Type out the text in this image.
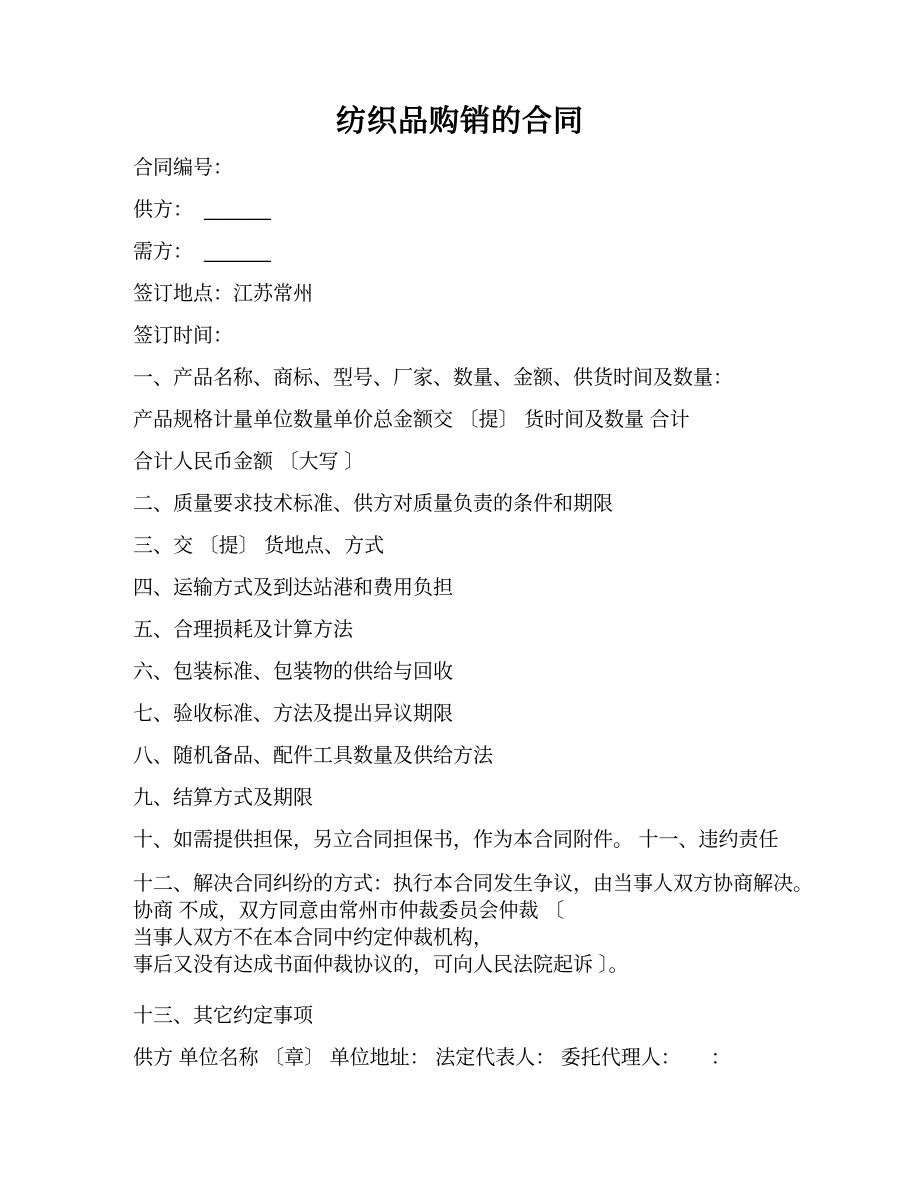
纺织品购销的合同

合同编号：

供方：  ______

需方：  ______

签订地点：江苏常州

签订时间：

一、产品名称、商标、型号、厂家、数量、金额、供货时间及数量：

产品规格计量单位数量单价总金额交 〔提〕 货时间及数量 合计

合计人民币金额 〔大写 〕

二、质量要求技术标准、供方对质量负责的条件和期限

三、交 〔提〕 货地点、方式

四、运输方式及到达站港和费用负担

五、合理损耗及计算方法

六、包装标准、包装物的供给与回收

七、验收标准、方法及提出异议期限

八、随机备品、配件工具数量及供给方法

九、结算方式及期限

十、如需提供担保，另立合同担保书，作为本合同附件。 十一、违约责任

十二、解决合同纠纷的方式：执行本合同发生争议，由当事人双方协商解决。
协商 不成，双方同意由常州市仲裁委员会仲裁 〔
当事人双方不在本合同中约定仲裁机构，
事后又没有达成书面仲裁协议的，可向人民法院起诉 〕。

十三、其它约定事项

供方 单位名称 〔章〕 单位地址： 法定代表人： 委托代理人：　　：
